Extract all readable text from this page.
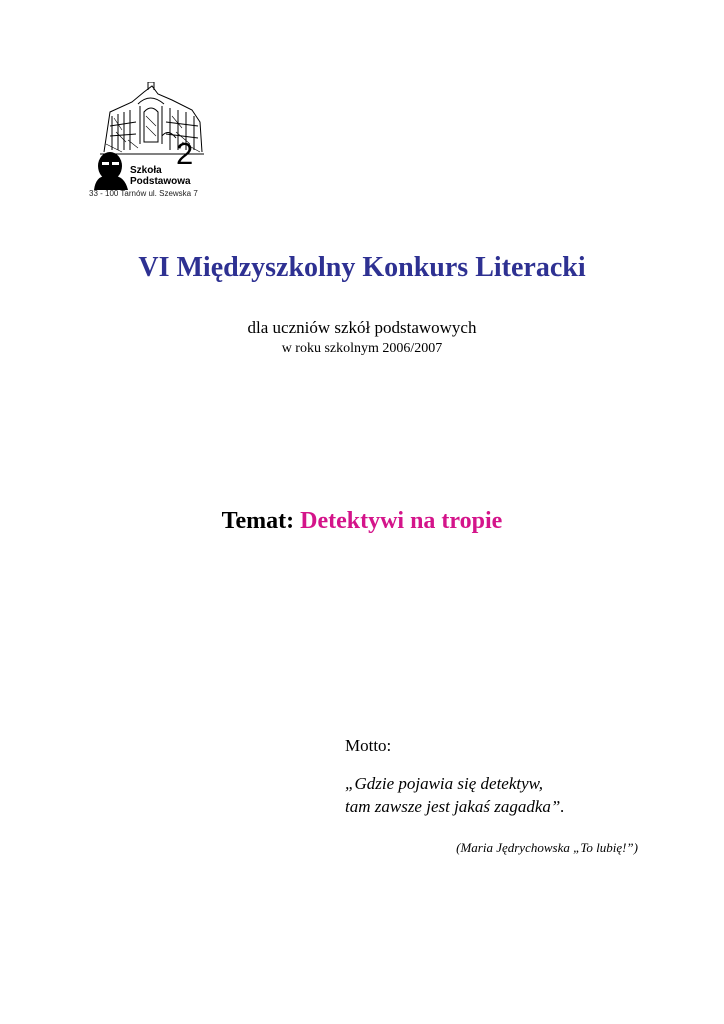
2
Szkoła
Podstawowa
33 - 100 Tarnów ul. Szewska 7
VI Międzyszkolny Konkurs Literacki
dla uczniów szkół podstawowych
w roku szkolnym 2006/2007
Temat: Detektywi na tropie
Motto:
„Gdzie pojawia się detektyw,
tam zawsze jest jakaś zagadka”.
(Maria Jędrychowska „To lubię!”)
